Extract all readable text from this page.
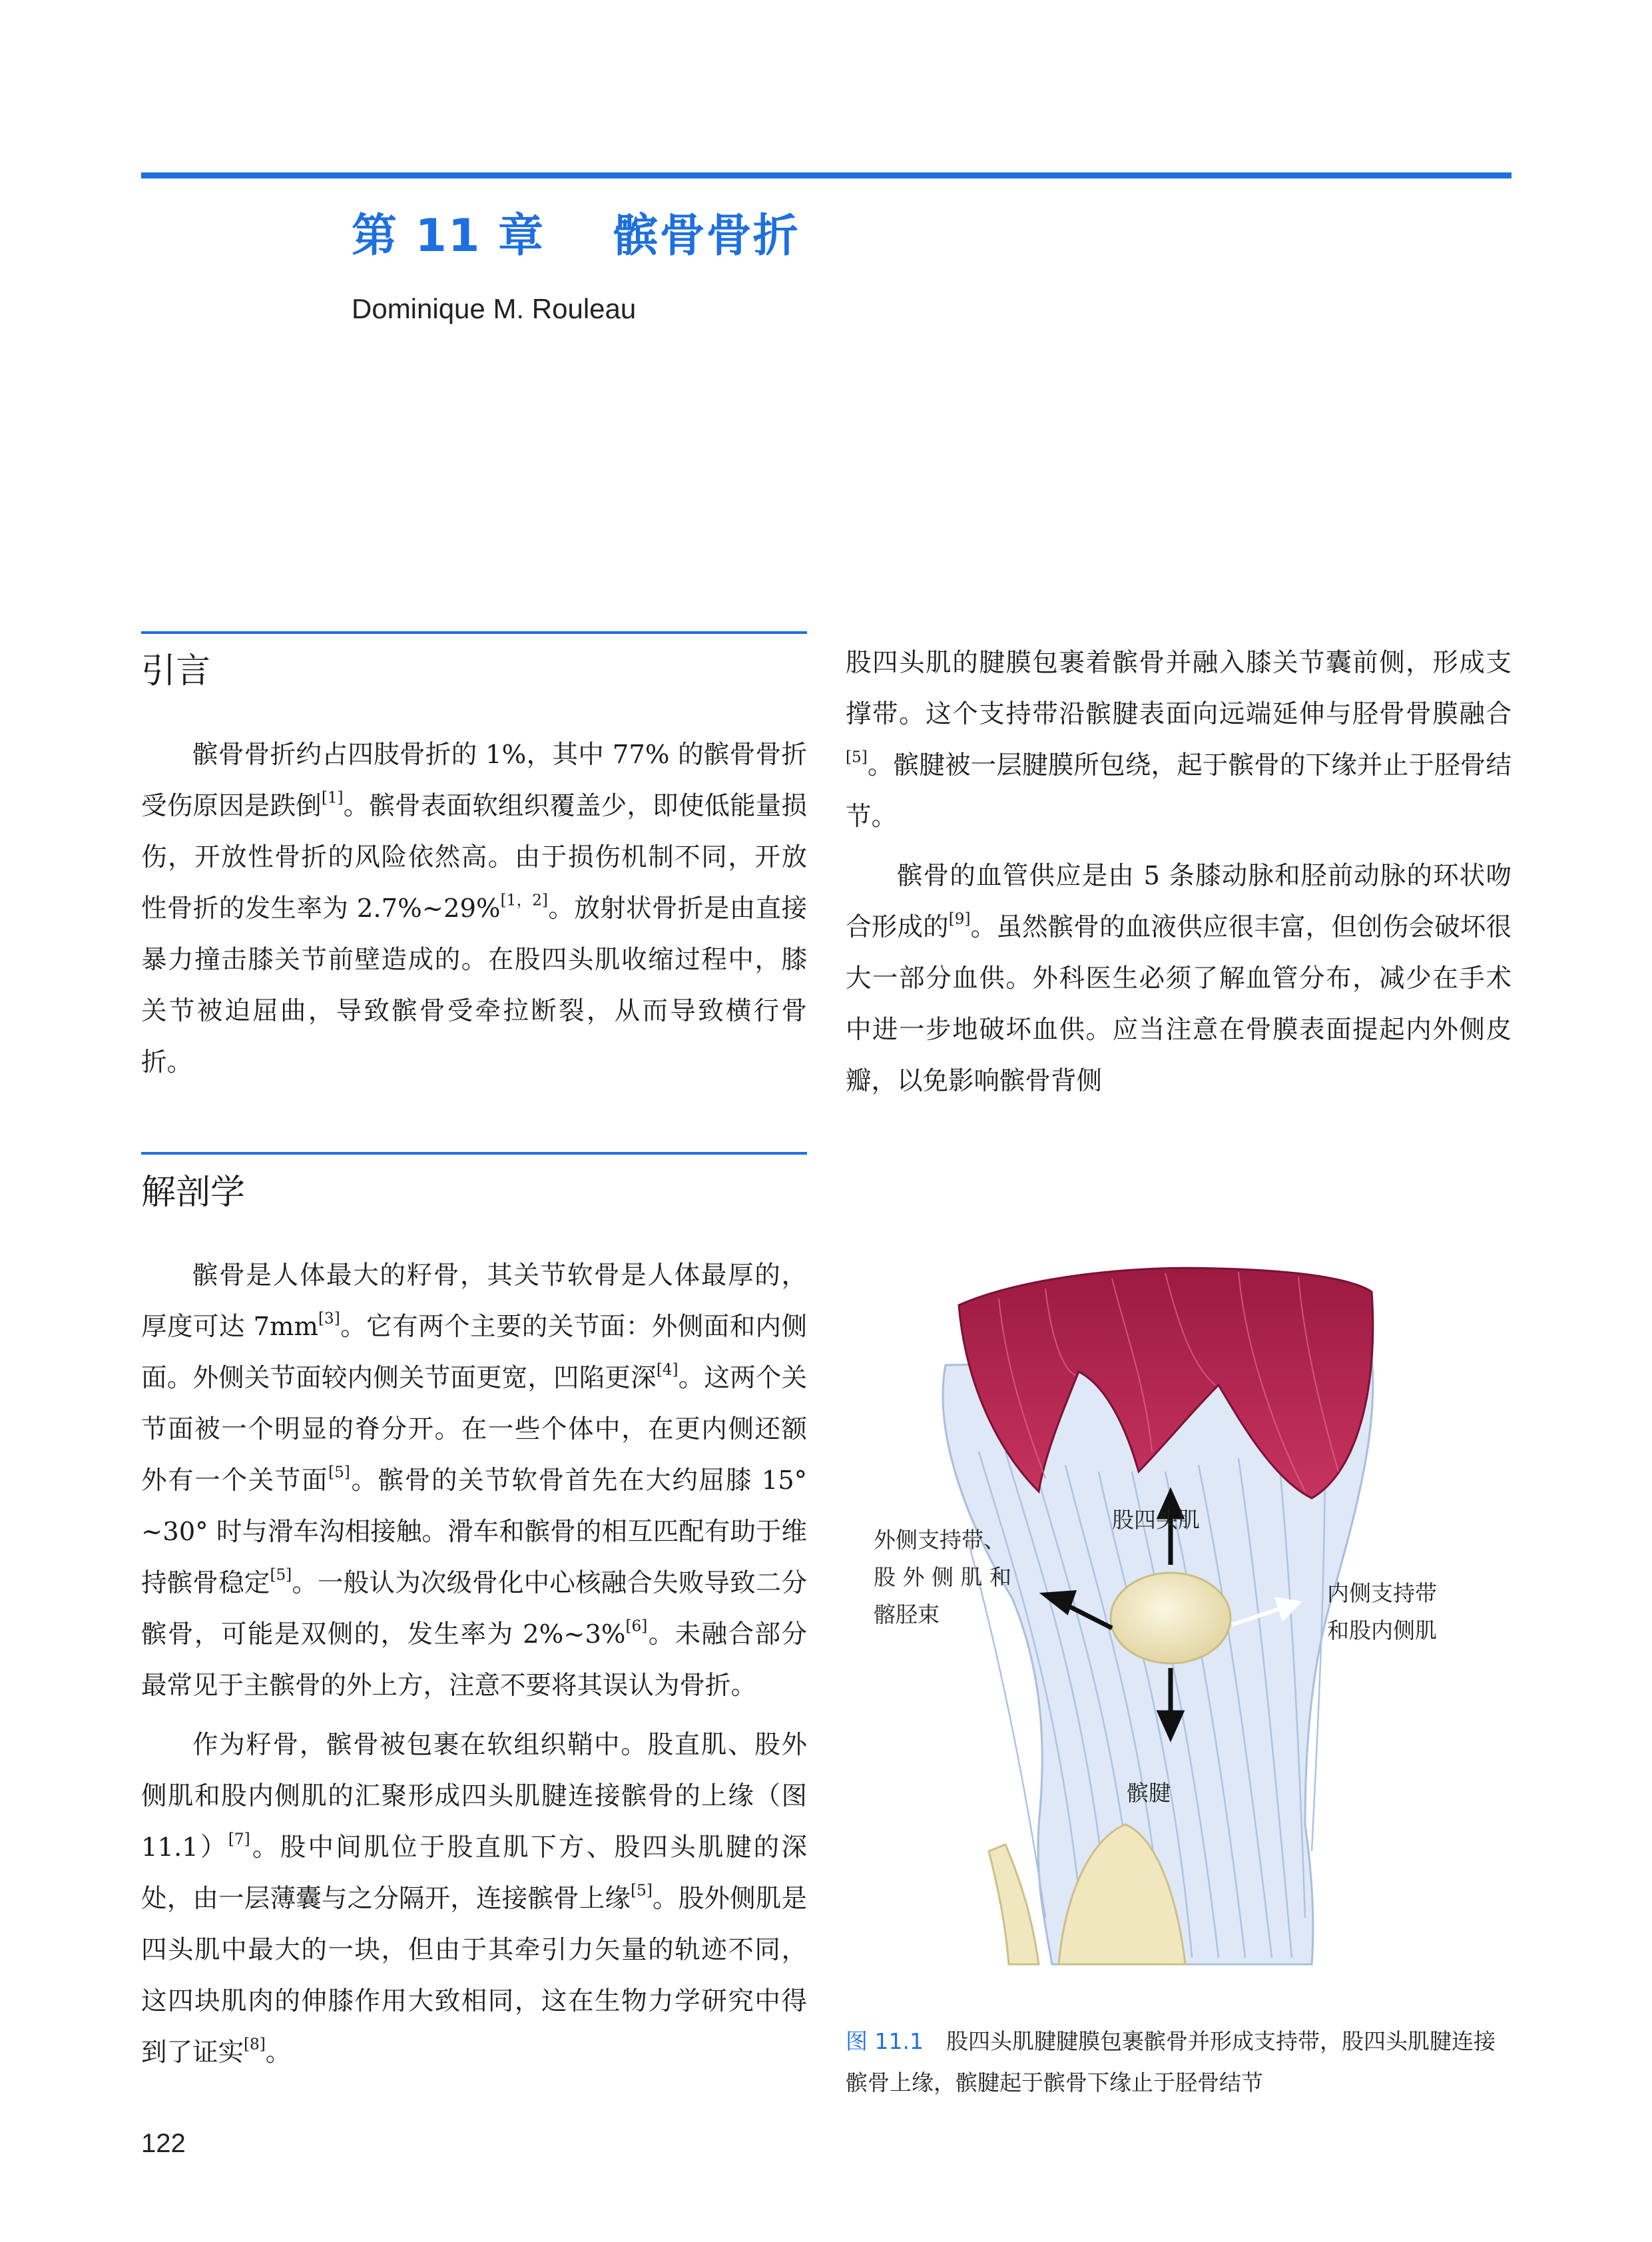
第 11 章    髌骨骨折
Dominique M. Rouleau
引言

髌骨骨折约占四肢骨折的 1%，其中 77% 的髌骨骨折受伤原因是跌倒[1]。髌骨表面软组织覆盖少，即使低能量损伤，开放性骨折的风险依然高。由于损伤机制不同，开放性骨折的发生率为 2.7%~29%[1，2]。放射状骨折是由直接暴力撞击膝关节前壁造成的。在股四头肌收缩过程中，膝关节被迫屈曲，导致髌骨受牵拉断裂，从而导致横行骨折。

解剖学

髌骨是人体最大的籽骨，其关节软骨是人体最厚的，厚度可达 7mm[3]。它有两个主要的关节面：外侧面和内侧面。外侧关节面较内侧关节面更宽，凹陷更深[4]。这两个关节面被一个明显的脊分开。在一些个体中，在更内侧还额外有一个关节面[5]。髌骨的关节软骨首先在大约屈膝 15° ~30° 时与滑车沟相接触。滑车和髌骨的相互匹配有助于维持髌骨稳定[5]。一般认为次级骨化中心核融合失败导致二分髌骨，可能是双侧的，发生率为 2%~3%[6]。未融合部分最常见于主髌骨的外上方，注意不要将其误认为骨折。

作为籽骨，髌骨被包裹在软组织鞘中。股直肌、股外侧肌和股内侧肌的汇聚形成四头肌腱连接髌骨的上缘（图 11.1）[7]。股中间肌位于股直肌下方、股四头肌腱的深处，由一层薄囊与之分隔开，连接髌骨上缘[5]。股外侧肌是四头肌中最大的一块，但由于其牵引力矢量的轨迹不同，这四块肌肉的伸膝作用大致相同，这在生物力学研究中得到了证实[8]。

股四头肌的腱膜包裹着髌骨并融入膝关节囊前侧，形成支撑带。这个支持带沿髌腱表面向远端延伸与胫骨骨膜融合[5]。髌腱被一层腱膜所包绕，起于髌骨的下缘并止于胫骨结节。

髌骨的血管供应是由 5 条膝动脉和胫前动脉的环状吻合形成的[9]。虽然髌骨的血液供应很丰富，但创伤会破坏很大一部分血供。外科医生必须了解血管分布，减少在手术中进一步地破坏血供。应当注意在骨膜表面提起内外侧皮瓣，以免影响髌骨背侧

股四头肌
外侧支持带、
股 外 侧 肌 和
髂胫束
内侧支持带
和股内侧肌
髌腱
图 11.1 股四头肌腱腱膜包裹髌骨并形成支持带，股四头肌腱连接髌骨上缘，髌腱起于髌骨下缘止于胫骨结节
122
